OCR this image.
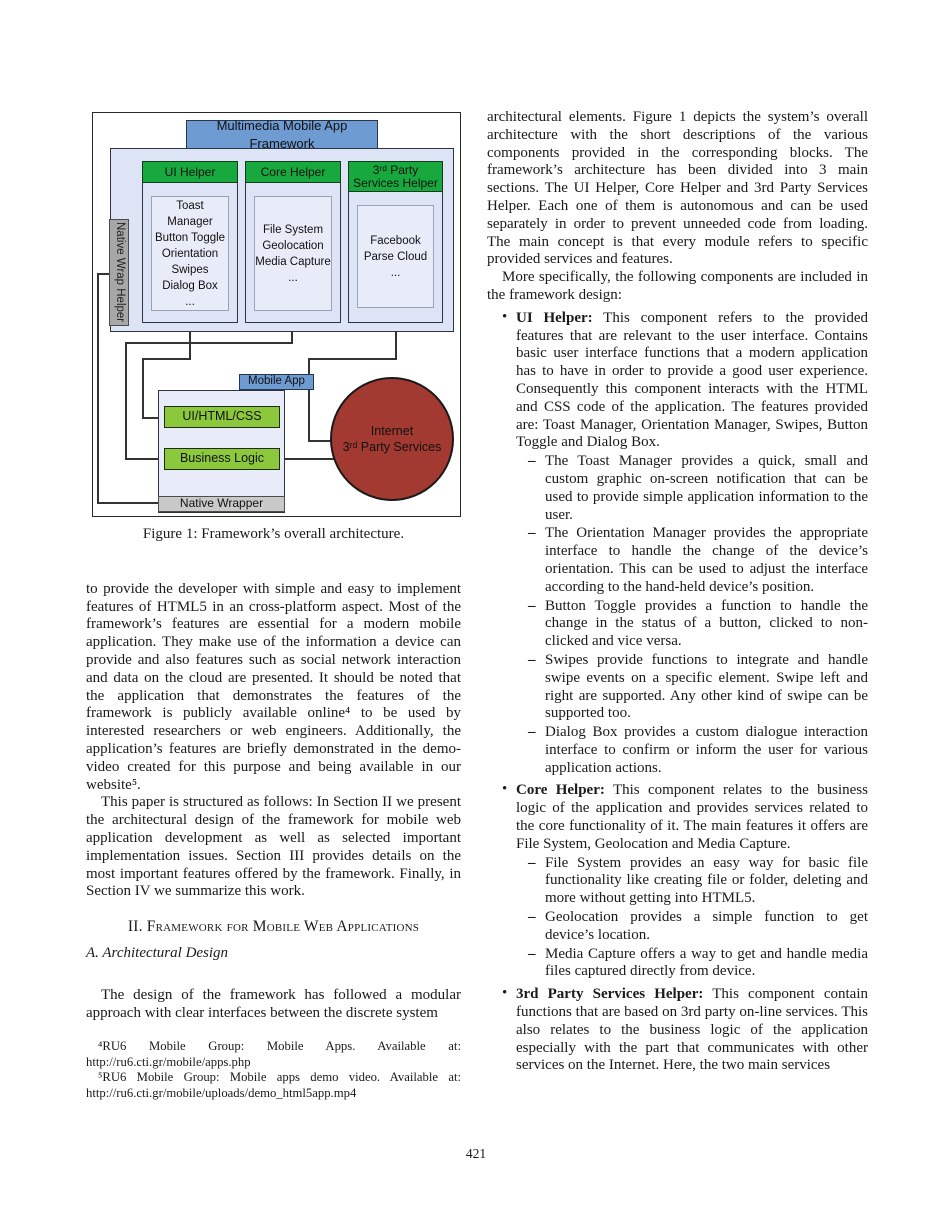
Multimedia Mobile App Framework
UI Helper
Toast Manager
Button Toggle
Orientation
Swipes
Dialog Box
...
Core Helper
File System
Geolocation
Media Capture
...
3ʳᵈ Party Services Helper
Facebook
Parse Cloud
...
Native Wrap Helper
Mobile App
UI/HTML/CSS
Business Logic
Native Wrapper
Internet
3ʳᵈ Party Services
Figure 1: Framework’s overall architecture.
to provide the developer with simple and easy to implement features of HTML5 in an cross-platform aspect. Most of the framework’s features are essential for a modern mobile application. They make use of the information a device can provide and also features such as social network interaction and data on the cloud are presented. It should be noted that the application that demonstrates the features of the framework is publicly available online⁴ to be used by interested researchers or web engineers. Additionally, the application’s features are briefly demonstrated in the demo-video created for this purpose and being available in our website⁵.
This paper is structured as follows: In Section II we present the architectural design of the framework for mobile web application development as well as selected important implementation issues. Section III provides details on the most important features offered by the framework. Finally, in Section IV we summarize this work.
II. Framework for Mobile Web Applications
A. Architectural Design
The design of the framework has followed a modular approach with clear interfaces between the discrete system
⁴RU6 Mobile Group: Mobile Apps. Available at: http://ru6.cti.gr/mobile/apps.php
⁵RU6 Mobile Group: Mobile apps demo video. Available at: http://ru6.cti.gr/mobile/uploads/demo_html5app.mp4
architectural elements. Figure 1 depicts the system’s overall architecture with the short descriptions of the various components provided in the corresponding blocks. The framework’s architecture has been divided into 3 main sections. The UI Helper, Core Helper and 3rd Party Services Helper. Each one of them is autonomous and can be used separately in order to prevent unneeded code from loading. The main concept is that every module refers to specific provided services and features.
More specifically, the following components are included in the framework design:
• UI Helper: This component refers to the provided features that are relevant to the user interface. Contains basic user interface functions that a modern application has to have in order to provide a good user experience. Consequently this component interacts with the HTML and CSS code of the application. The features provided are: Toast Manager, Orientation Manager, Swipes, Button Toggle and Dialog Box.
– The Toast Manager provides a quick, small and custom graphic on-screen notification that can be used to provide simple application information to the user.
– The Orientation Manager provides the appropriate interface to handle the change of the device’s orientation. This can be used to adjust the interface according to the hand-held device’s position.
– Button Toggle provides a function to handle the change in the status of a button, clicked to non-clicked and vice versa.
– Swipes provide functions to integrate and handle swipe events on a specific element. Swipe left and right are supported. Any other kind of swipe can be supported too.
– Dialog Box provides a custom dialogue interaction interface to confirm or inform the user for various application actions.
• Core Helper: This component relates to the business logic of the application and provides services related to the core functionality of it. The main features it offers are File System, Geolocation and Media Capture.
– File System provides an easy way for basic file functionality like creating file or folder, deleting and more without getting into HTML5.
– Geolocation provides a simple function to get device’s location.
– Media Capture offers a way to get and handle media files captured directly from device.
• 3rd Party Services Helper: This component contain functions that are based on 3rd party on-line services. This also relates to the business logic of the application especially with the part that communicates with other services on the Internet. Here, the two main services
421
